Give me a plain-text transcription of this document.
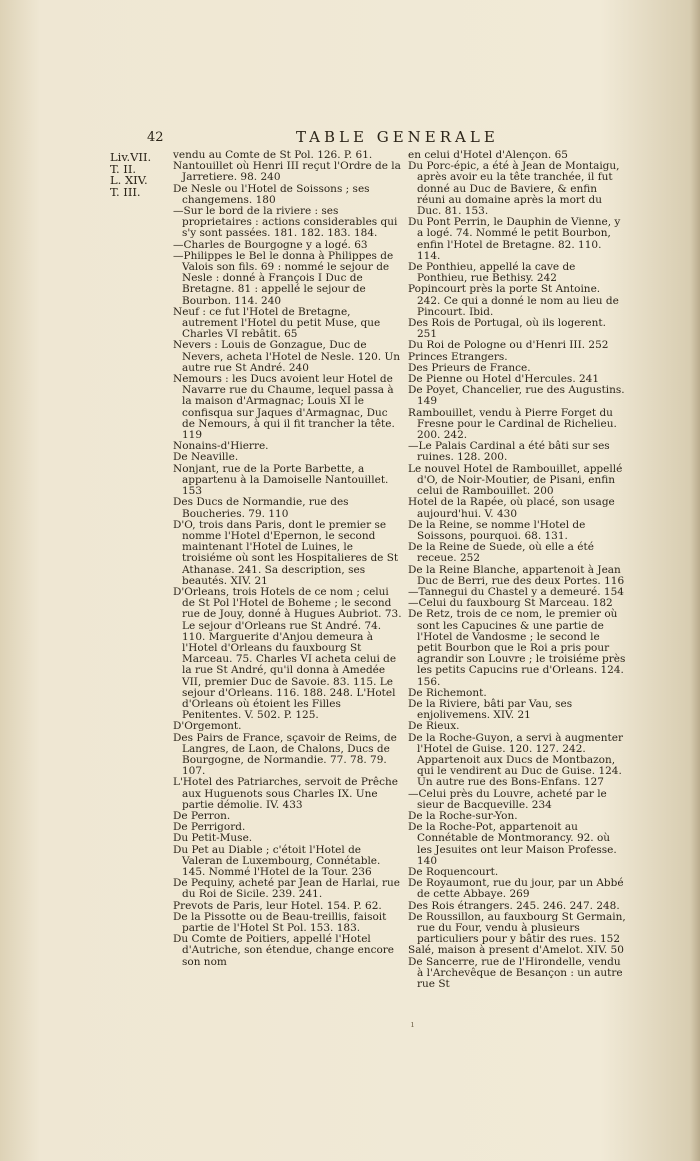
42	TABLE GENERALE
Liv.VII.
T. II.
L. XIV.
T. III.

vendu au Comte de St Pol. 126. P. 61.

Nantouillet où Henri III reçut l'Ordre de la Jarretiere. 98. 240

De Nesle ou l'Hotel de Soissons ; ses changemens. 180

—Sur le bord de la riviere : ses proprietaires : actions considerables qui s'y sont passées. 181. 182. 183. 184.

—Charles de Bourgogne y a logé. 63

—Philippes le Bel le donna à Philippes de Valois son fils. 69 : nommé le sejour de Nesle : donné à François I Duc de Bretagne. 81 : appellé le sejour de Bourbon. 114. 240

Neuf : ce fut l'Hotel de Bretagne, autrement l'Hotel du petit Muse, que Charles VI rebâtit. 65

Nevers : Louis de Gonzague, Duc de Nevers, acheta l'Hotel de Nesle. 120. Un autre rue St André. 240

Nemours : les Ducs avoient leur Hotel de Navarre rue du Chaume, lequel passa à la maison d'Armagnac; Louis XI le confisqua sur Jaques d'Armagnac, Duc de Nemours, à qui il fit trancher la tête. 119

Nonains-d'Hierre.

De Neaville.

Nonjant, rue de la Porte Barbette, a appartenu à la Damoiselle Nantouillet. 153

Des Ducs de Normandie, rue des Boucheries. 79. 110

D'O, trois dans Paris, dont le premier se nomme l'Hotel d'Epernon, le second maintenant l'Hotel de Luines, le troisiéme où sont les Hospitalieres de St Athanase. 241. Sa description, ses beautés. XIV. 21

D'Orleans, trois Hotels de ce nom ; celui de St Pol l'Hotel de Boheme ; le second rue de Jouy, donné à Hugues Aubriot. 73. Le sejour d'Orleans rue St André. 74. 110. Marguerite d'Anjou demeura à l'Hotel d'Orleans du fauxbourg St Marceau. 75. Charles VI acheta celui de la rue St André, qu'il donna à Amedée VII, premier Duc de Savoie. 83. 115. Le sejour d'Orleans. 116. 188. 248. L'Hotel d'Orleans où étoient les Filles Penitentes. V. 502. P. 125.

D'Orgemont.

Des Pairs de France, sçavoir de Reims, de Langres, de Laon, de Chalons, Ducs de Bourgogne, de Normandie. 77. 78. 79. 107.

L'Hotel des Patriarches, servoit de Prêche aux Huguenots sous Charles IX. Une partie démolie. IV. 433

De Perron.

De Perrigord.

Du Petit-Muse.

Du Pet au Diable ; c'étoit l'Hotel de Valeran de Luxembourg, Connétable. 145. Nommé l'Hotel de la Tour. 236

De Pequiny, acheté par Jean de Harlai, rue du Roi de Sicile. 239. 241.

Prevots de Paris, leur Hotel. 154. P. 62.

De la Pissotte ou de Beau-treillis, faisoit partie de l'Hotel St Pol. 153. 183.

Du Comte de Poitiers, appellé l'Hotel d'Autriche, son étendue, change encore son nom

en celui d'Hotel d'Alençon. 65

Du Porc-épic, a été à Jean de Montaigu, après avoir eu la tête tranchée, il fut donné au Duc de Baviere, & enfin réuni au domaine après la mort du Duc. 81. 153.

Du Pont Perrin, le Dauphin de Vienne, y a logé. 74. Nommé le petit Bourbon, enfin l'Hotel de Bretagne. 82. 110. 114.

De Ponthieu, appellé la cave de Ponthieu, rue Bethisy. 242

Popincourt près la porte St Antoine. 242. Ce qui a donné le nom au lieu de Pincourt. Ibid.

Des Rois de Portugal, où ils logerent. 251

Du Roi de Pologne ou d'Henri III. 252

Princes Etrangers.

Des Prieurs de France.

De Pienne ou Hotel d'Hercules. 241

De Poyet, Chancelier, rue des Augustins. 149

Rambouillet, vendu à Pierre Forget du Fresne pour le Cardinal de Richelieu. 200. 242.

—Le Palais Cardinal a été bâti sur ses ruines. 128. 200.

Le nouvel Hotel de Rambouillet, appellé d'O, de Noir-Moutier, de Pisani, enfin celui de Rambouillet. 200

Hotel de la Rapée, où placé, son usage aujourd'hui. V. 430

De la Reine, se nomme l'Hotel de Soissons, pourquoi. 68. 131.

De la Reine de Suede, où elle a été receue. 252

De la Reine Blanche, appartenoit à Jean Duc de Berri, rue des deux Portes. 116

—Tannegui du Chastel y a demeuré. 154

—Celui du fauxbourg St Marceau. 182

De Retz, trois de ce nom, le premier où sont les Capucines & une partie de l'Hotel de Vandosme ; le second le petit Bourbon que le Roi a pris pour agrandir son Louvre ; le troisiéme près les petits Capucins rue d'Orleans. 124. 156.

De Richemont.

De la Riviere, bâti par Vau, ses enjolivemens. XIV. 21

De Rieux.

De la Roche-Guyon, a servi à augmenter l'Hotel de Guise. 120. 127. 242. Appartenoit aux Ducs de Montbazon, qui le vendirent au Duc de Guise. 124. Un autre rue des Bons-Enfans. 127

—Celui près du Louvre, acheté par le sieur de Bacqueville. 234

De la Roche-sur-Yon.

De la Roche-Pot, appartenoit au Connétable de Montmorancy. 92. où les Jesuites ont leur Maison Professe. 140

De Roquencourt.

De Royaumont, rue du jour, par un Abbé de cette Abbaye. 269

Des Rois étrangers. 245. 246. 247. 248.

De Roussillon, au fauxbourg St Germain, rue du Four, vendu à plusieurs particuliers pour y bâtir des rues. 152

Salé, maison à present d'Amelot. XIV. 50

De Sancerre, rue de l'Hirondelle, vendu à l'Archevêque de Besançon : un autre rue St

ı
